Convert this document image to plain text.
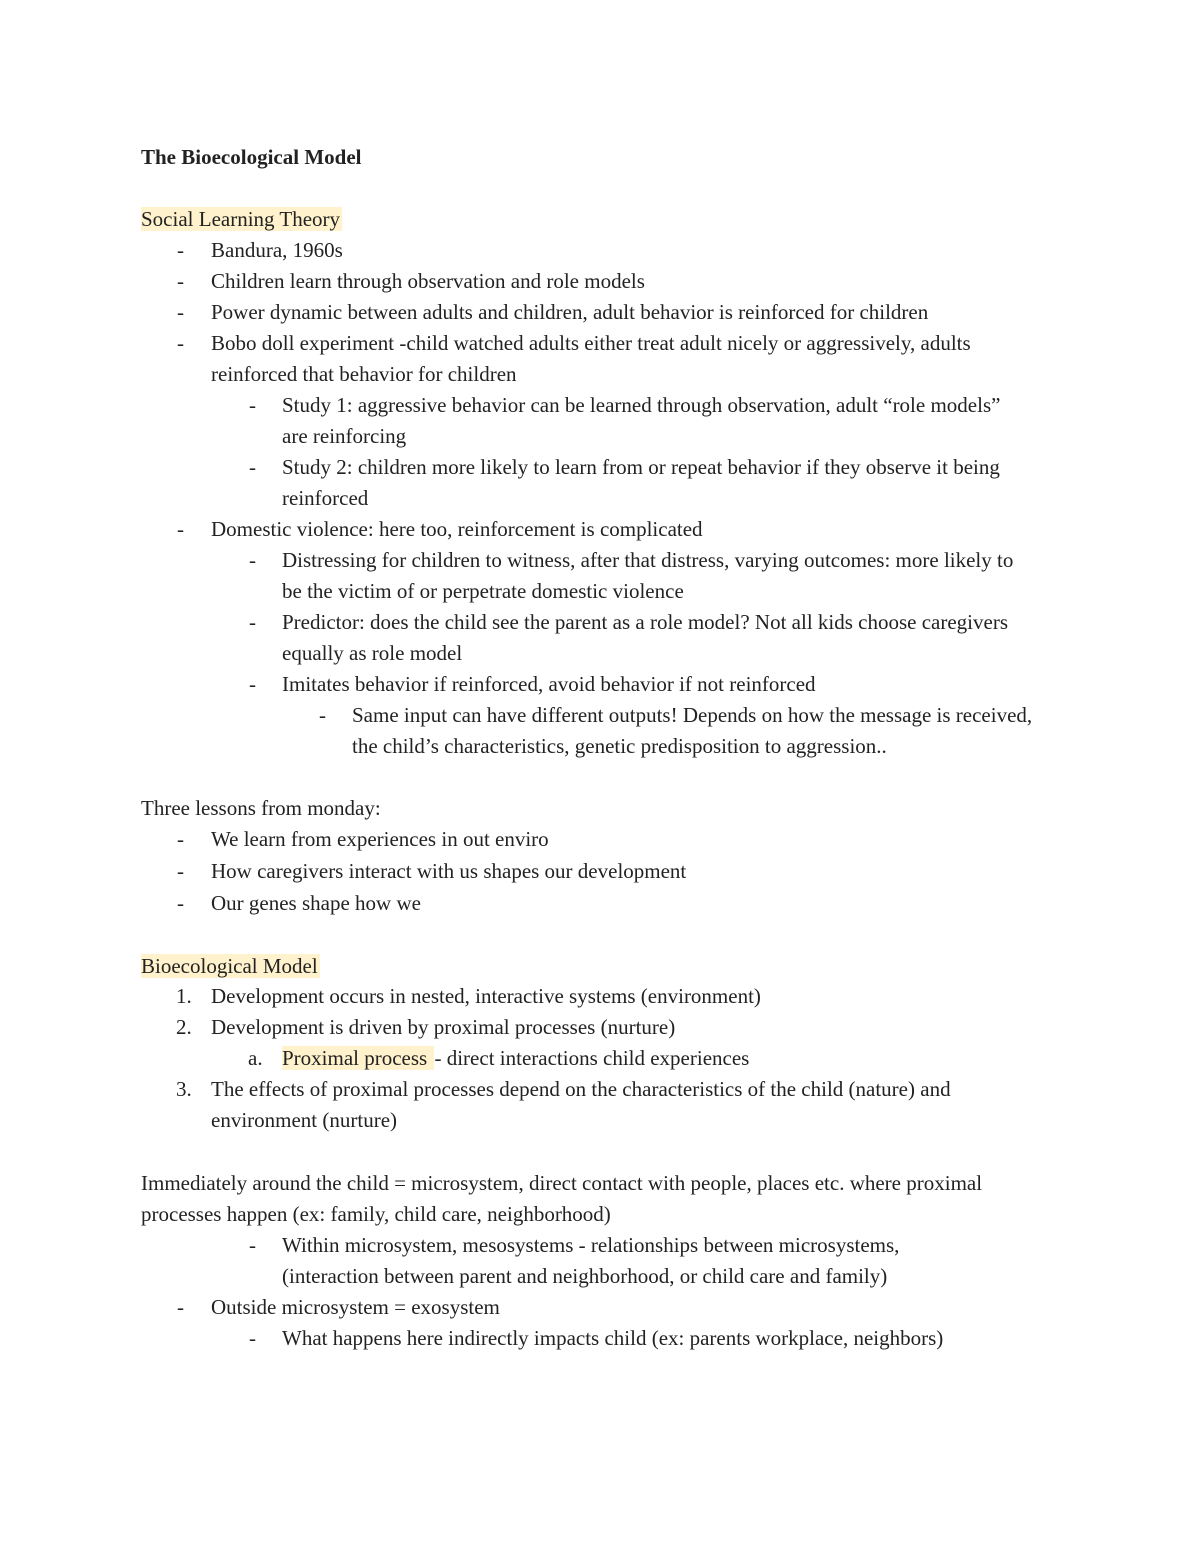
The Bioecological Model
Social Learning Theory
- Bandura, 1960s
- Children learn through observation and role models
- Power dynamic between adults and children, adult behavior is reinforced for children
- Bobo doll experiment -child watched adults either treat adult nicely or aggressively, adults reinforced that behavior for children
- Study 1: aggressive behavior can be learned through observation, adult “role models” are reinforcing
- Study 2: children more likely to learn from or repeat behavior if they observe it being reinforced
- Domestic violence: here too, reinforcement is complicated
- Distressing for children to witness, after that distress, varying outcomes: more likely to be the victim of or perpetrate domestic violence
- Predictor: does the child see the parent as a role model? Not all kids choose caregivers equally as role model
- Imitates behavior if reinforced, avoid behavior if not reinforced
- Same input can have different outputs! Depends on how the message is received, the child’s characteristics, genetic predisposition to aggression..
Three lessons from monday:
- We learn from experiences in out enviro
- How caregivers interact with us shapes our development
- Our genes shape how we
Bioecological Model
1. Development occurs in nested, interactive systems (environment)
2. Development is driven by proximal processes (nurture)
a. Proximal process - direct interactions child experiences
3. The effects of proximal processes depend on the characteristics of the child (nature) and environment (nurture)
Immediately around the child = microsystem, direct contact with people, places etc. where proximal processes happen (ex: family, child care, neighborhood)
- Within microsystem, mesosystems - relationships between microsystems, (interaction between parent and neighborhood, or child care and family)
- Outside microsystem = exosystem
- What happens here indirectly impacts child (ex: parents workplace, neighbors)
